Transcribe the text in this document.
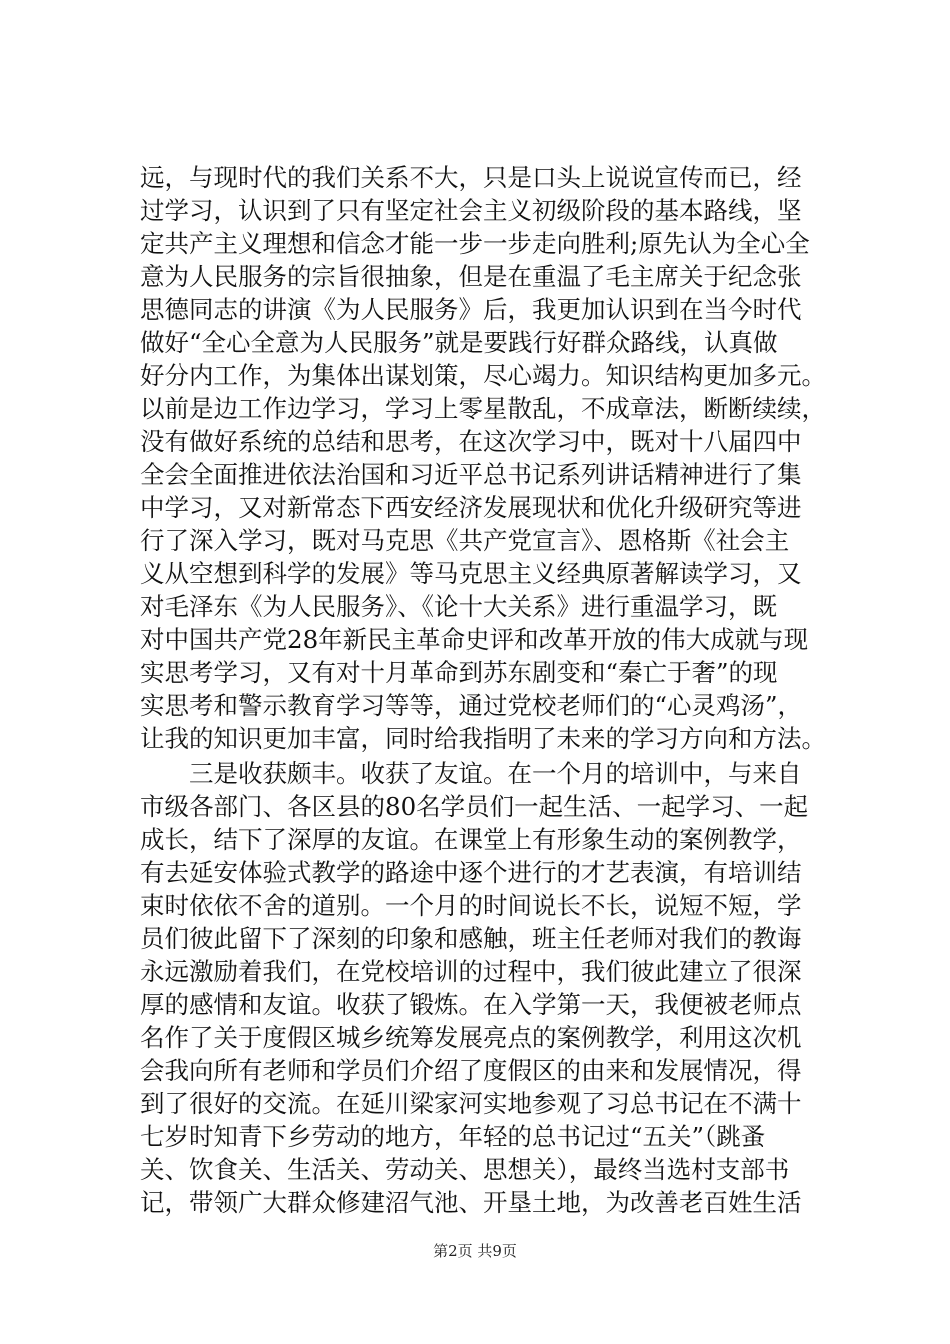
远，与现时代的我们关系不大，只是口头上说说宣传而已，经
过学习，认识到了只有坚定社会主义初级阶段的基本路线，坚
定共产主义理想和信念才能一步一步走向胜利;原先认为全心全
意为人民服务的宗旨很抽象，但是在重温了毛主席关于纪念张
思德同志的讲演《为人民服务》后，我更加认识到在当今时代
做好“全心全意为人民服务”就是要践行好群众路线，认真做
好分内工作，为集体出谋划策，尽心竭力。知识结构更加多元。
以前是边工作边学习，学习上零星散乱，不成章法，断断续续，
没有做好系统的总结和思考，在这次学习中，既对十八届四中
全会全面推进依法治国和习近平总书记系列讲话精神进行了集
中学习，又对新常态下西安经济发展现状和优化升级研究等进
行了深入学习，既对马克思《共产党宣言》、恩格斯《社会主
义从空想到科学的发展》等马克思主义经典原著解读学习，又
对毛泽东《为人民服务》、《论十大关系》进行重温学习，既
对中国共产党28年新民主革命史评和改革开放的伟大成就与现
实思考学习，又有对十月革命到苏东剧变和“秦亡于奢”的现
实思考和警示教育学习等等，通过党校老师们的“心灵鸡汤”，
让我的知识更加丰富，同时给我指明了未来的学习方向和方法。
　　三是收获颇丰。收获了友谊。在一个月的培训中，与来自
市级各部门、各区县的80名学员们一起生活、一起学习、一起
成长，结下了深厚的友谊。在课堂上有形象生动的案例教学，
有去延安体验式教学的路途中逐个进行的才艺表演，有培训结
束时依依不舍的道别。一个月的时间说长不长，说短不短，学
员们彼此留下了深刻的印象和感触，班主任老师对我们的教诲
永远激励着我们，在党校培训的过程中，我们彼此建立了很深
厚的感情和友谊。收获了锻炼。在入学第一天，我便被老师点
名作了关于度假区城乡统筹发展亮点的案例教学，利用这次机
会我向所有老师和学员们介绍了度假区的由来和发展情况，得
到了很好的交流。在延川梁家河实地参观了习总书记在不满十
七岁时知青下乡劳动的地方，年轻的总书记过“五关”（跳蚤
关、饮食关、生活关、劳动关、思想关），最终当选村支部书
记，带领广大群众修建沼气池、开垦土地，为改善老百姓生活
第2页 共9页
